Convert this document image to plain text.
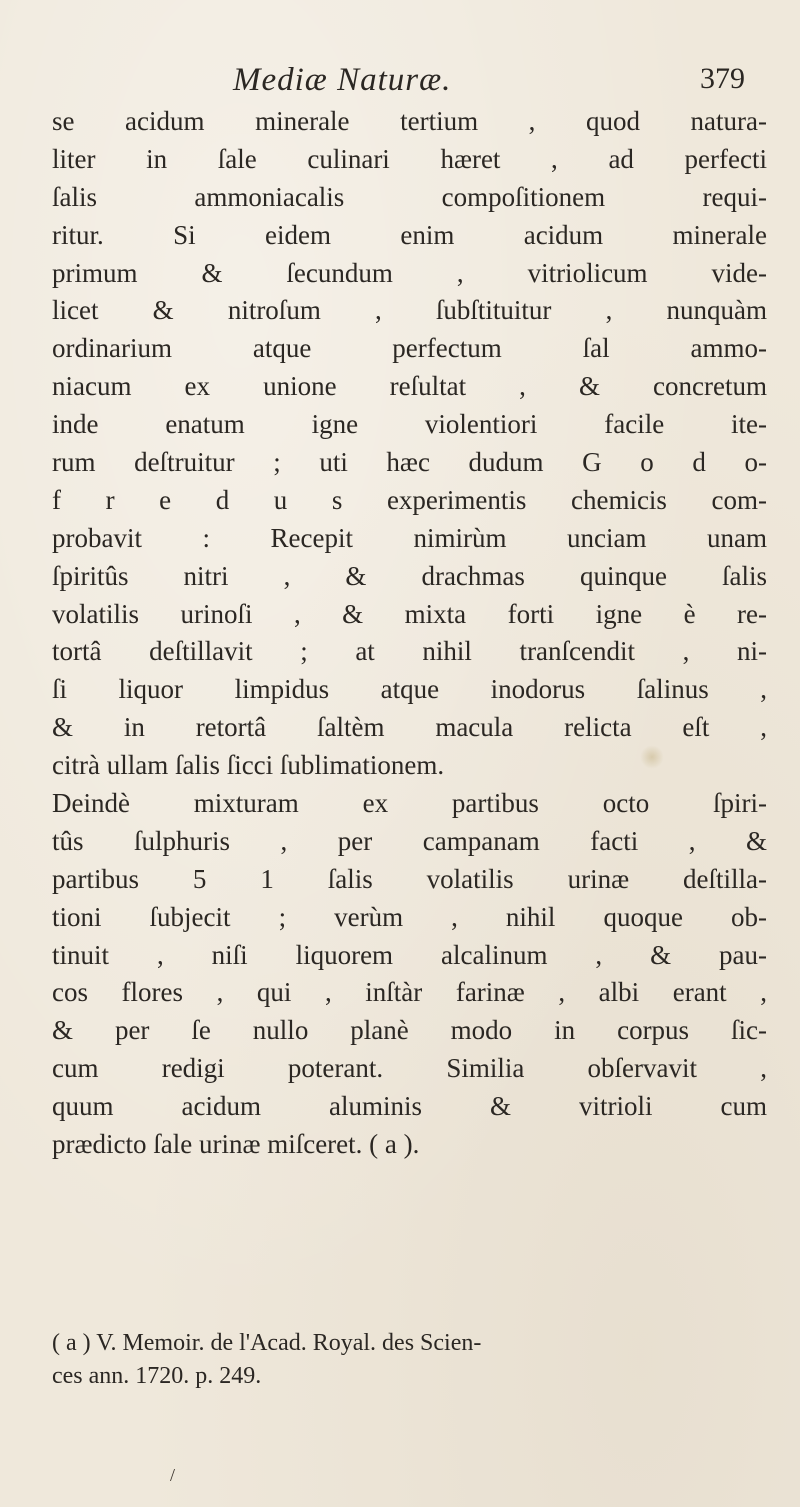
Mediæ Naturæ.	379
se acidum minerale tertium , quod natura-
liter in ſale culinari hæret , ad perfecti
ſalis ammoniacalis compoſitionem requi-
ritur. Si eidem enim acidum minerale
primum & ſecundum , vitriolicum vide-
licet & nitroſum , ſubſtituitur , nunquàm
ordinarium atque perfectum ſal ammo-
niacum ex unione reſultat , & concretum
inde enatum igne violentiori facile ite-
rum deſtruitur ; uti hæc dudum G o d o-
f r e d u s experimentis chemicis com-
probavit : Recepit nimirùm unciam unam
ſpiritûs nitri , & drachmas quinque ſalis
volatilis urinoſi , & mixta forti igne è re-
tortâ deſtillavit ; at nihil tranſcendit , ni-
ſi liquor limpidus atque inodorus ſalinus ,
& in retortâ ſaltèm macula relicta eſt ,
citrà ullam ſalis ſicci ſublimationem.
Deindè mixturam ex partibus octo ſpiri-
tûs ſulphuris , per campanam facti , &
partibus 5 1 ſalis volatilis urinæ deſtilla-
tioni ſubjecit ; verùm , nihil quoque ob-
tinuit , niſi liquorem alcalinum , & pau-
cos flores , qui , inſtàr farinæ , albi erant ,
& per ſe nullo planè modo in corpus ſic-
cum redigi poterant. Similia obſervavit ,
quum acidum aluminis & vitrioli cum
prædicto ſale urinæ miſceret. ( a ).
( a ) V. Memoir. de l'Acad. Royal. des Scien-
ces ann. 1720. p. 249.
/
